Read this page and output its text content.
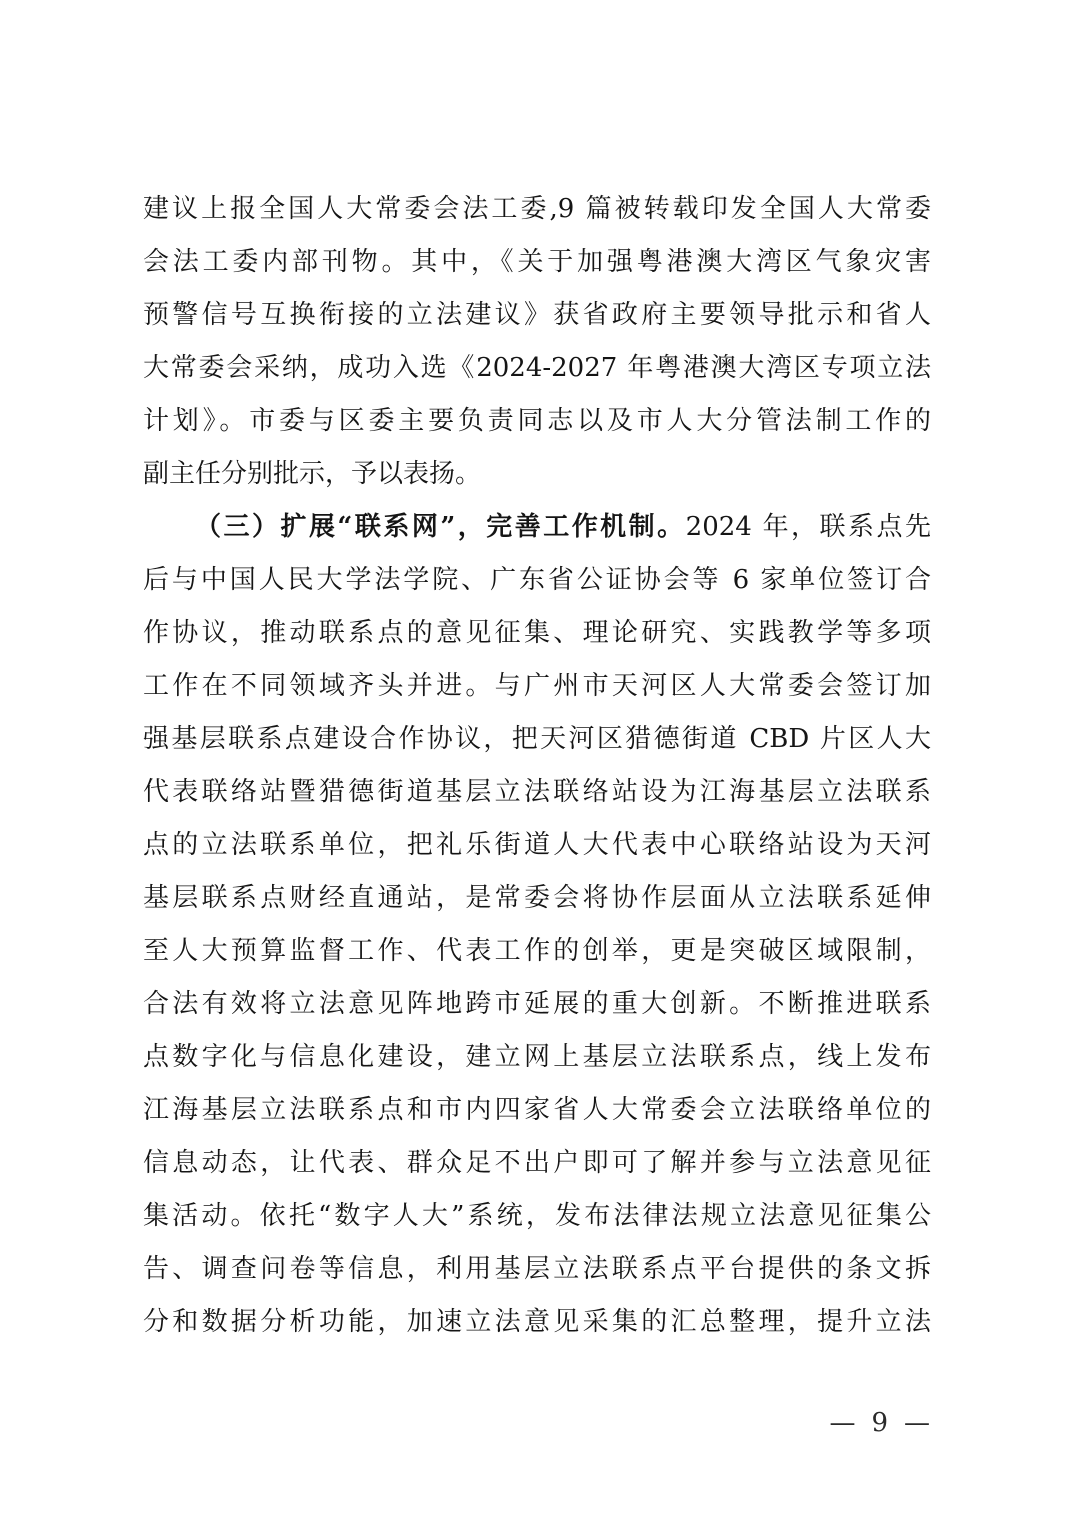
建议上报全国人大常委会法工委,9 篇被转载印发全国人大常委

会法工委内部刊物。其中，《关于加强粤港澳大湾区气象灾害

预警信号互换衔接的立法建议》获省政府主要领导批示和省人

大常委会采纳，成功入选《2024-2027 年粤港澳大湾区专项立法

计划》。市委与区委主要负责同志以及市人大分管法制工作的

副主任分别批示，予以表扬。

（三）扩展“联系网”，完善工作机制。2024 年，联系点先

后与中国人民大学法学院、广东省公证协会等 6 家单位签订合

作协议，推动联系点的意见征集、理论研究、实践教学等多项

工作在不同领域齐头并进。与广州市天河区人大常委会签订加

强基层联系点建设合作协议，把天河区猎德街道 CBD 片区人大

代表联络站暨猎德街道基层立法联络站设为江海基层立法联系

点的立法联系单位，把礼乐街道人大代表中心联络站设为天河

基层联系点财经直通站，是常委会将协作层面从立法联系延伸

至人大预算监督工作、代表工作的创举，更是突破区域限制，

合法有效将立法意见阵地跨市延展的重大创新。不断推进联系

点数字化与信息化建设，建立网上基层立法联系点，线上发布

江海基层立法联系点和市内四家省人大常委会立法联络单位的

信息动态，让代表、群众足不出户即可了解并参与立法意见征

集活动。依托“数字人大”系统，发布法律法规立法意见征集公

告、调查问卷等信息，利用基层立法联系点平台提供的条文拆

分和数据分析功能，加速立法意见采集的汇总整理，提升立法

— 9 —
